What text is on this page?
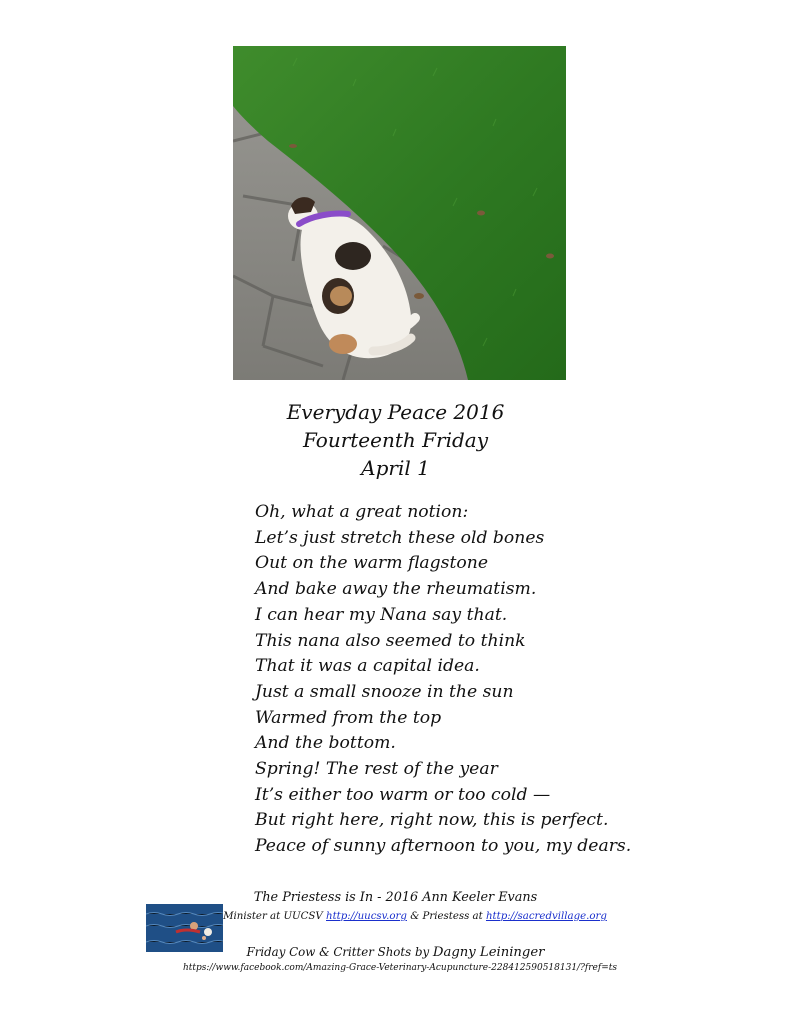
Everyday Peace 2016
Fourteenth Friday
April 1
Oh, what a great notion:
Let’s just stretch these old bones
Out on the warm flagstone
And bake away the rheumatism.
I can hear my Nana say that.
This nana also seemed to think
That it was a capital idea.
Just a small snooze in the sun
Warmed from the top
And the bottom.
Spring! The rest of the year
It’s either too warm or too cold —
But right here, right now, this is perfect.
Peace of sunny afternoon to you, my dears.
The Priestess is In - 2016 Ann Keeler Evans
Minister at UUCSV http://uucsv.org & Priestess at http://sacredvillage.org
Friday Cow & Critter Shots by Dagny Leininger
https://www.facebook.com/Amazing-Grace-Veterinary-Acupuncture-228412590518131/?fref=ts
